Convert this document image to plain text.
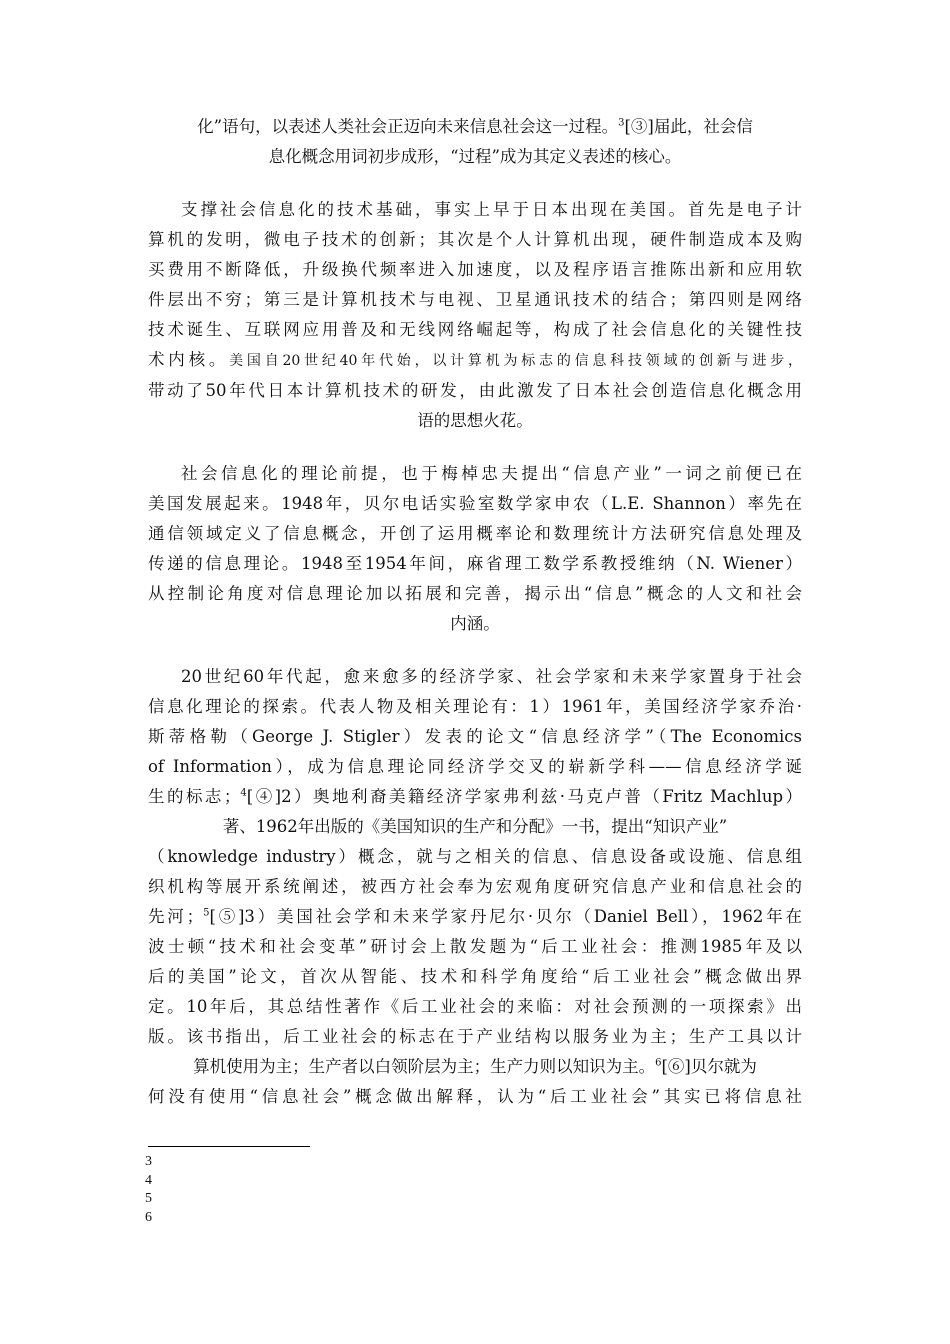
化”语句，以表述人类社会正迈向未来信息社会这一过程。$^3$[③]届此，社会信
息化概念用词初步成形，“过程”成为其定义表述的核心。
支撑社会信息化的技术基础，事实上早于日本出现在美国。首先是电子计
算机的发明，微电子技术的创新；其次是个人计算机出现，硬件制造成本及购
买费用不断降低，升级换代频率进入加速度，以及程序语言推陈出新和应用软
件层出不穷；第三是计算机技术与电视、卫星通讯技术的结合；第四则是网络
技术诞生、互联网应用普及和无线网络崛起等，构成了社会信息化的关键性技
术内核。美国自20世纪40年代始，以计算机为标志的信息科技领域的创新与进步，
带动了50年代日本计算机技术的研发，由此激发了日本社会创造信息化概念用
语的思想火花。
社会信息化的理论前提，也于梅棹忠夫提出“信息产业”一词之前便已在
美国发展起来。1948年，贝尔电话实验室数学家申农（L.E. Shannon）率先在
通信领域定义了信息概念，开创了运用概率论和数理统计方法研究信息处理及
传递的信息理论。1948至1954年间，麻省理工数学系教授维纳（N. Wiener）
从控制论角度对信息理论加以拓展和完善，揭示出“信息”概念的人文和社会
内涵。
20世纪60年代起，愈来愈多的经济学家、社会学家和未来学家置身于社会
信息化理论的探索。代表人物及相关理论有：1）1961年，美国经济学家乔治·
斯蒂格勒（George J. Stigler）发表的论文“信息经济学”（The Economics
of Information），成为信息理论同经济学交叉的崭新学科——信息经济学诞
生的标志；$^4$[④]2）奥地利裔美籍经济学家弗利兹·马克卢普（Fritz Machlup）
著、1962年出版的《美国知识的生产和分配》一书，提出“知识产业”
（knowledge industry）概念，就与之相关的信息、信息设备或设施、信息组
织机构等展开系统阐述，被西方社会奉为宏观角度研究信息产业和信息社会的
先河；$^5$[⑤]3）美国社会学和未来学家丹尼尔·贝尔（Daniel Bell），1962年在
波士顿“技术和社会变革”研讨会上散发题为“后工业社会：推测1985年及以
后的美国”论文，首次从智能、技术和科学角度给“后工业社会”概念做出界
定。10年后，其总结性著作《后工业社会的来临：对社会预测的一项探索》出
版。该书指出，后工业社会的标志在于产业结构以服务业为主；生产工具以计
算机使用为主；生产者以白领阶层为主；生产力则以知识为主。$^6$[⑥]贝尔就为
何没有使用“信息社会”概念做出解释，认为“后工业社会”其实已将信息社
3
4
5
6
